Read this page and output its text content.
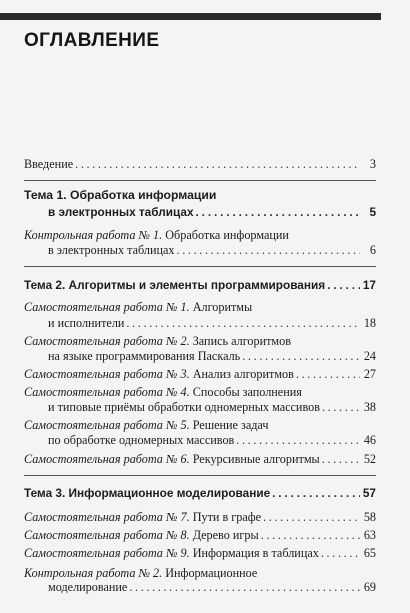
ОГЛАВЛЕНИЕ
Введение . . .	3
Тема 1. Обработка информации
в электронных таблицах . . .	5
Контрольная работа № 1. Обработка информации
в электронных таблицах . . .	6
Тема 2. Алгоритмы и элементы программирования . . .	17
Самостоятельная работа № 1. Алгоритмы
и исполнители . . .	18
Самостоятельная работа № 2. Запись алгоритмов
на языке программирования Паскаль . . .	24
Самостоятельная работа № 3. Анализ алгоритмов . . .	27
Самостоятельная работа № 4. Способы заполнения
и типовые приёмы обработки одномерных массивов . . .	38
Самостоятельная работа № 5. Решение задач
по обработке одномерных массивов . . .	46
Самостоятельная работа № 6. Рекурсивные алгоритмы . . .	52
Тема 3. Информационное моделирование . . .	57
Самостоятельная работа № 7. Пути в графе . . .	58
Самостоятельная работа № 8. Дерево игры . . .	63
Самостоятельная работа № 9. Информация в таблицах . . .	65
Контрольная работа № 2. Информационное
моделирование . . .	69
